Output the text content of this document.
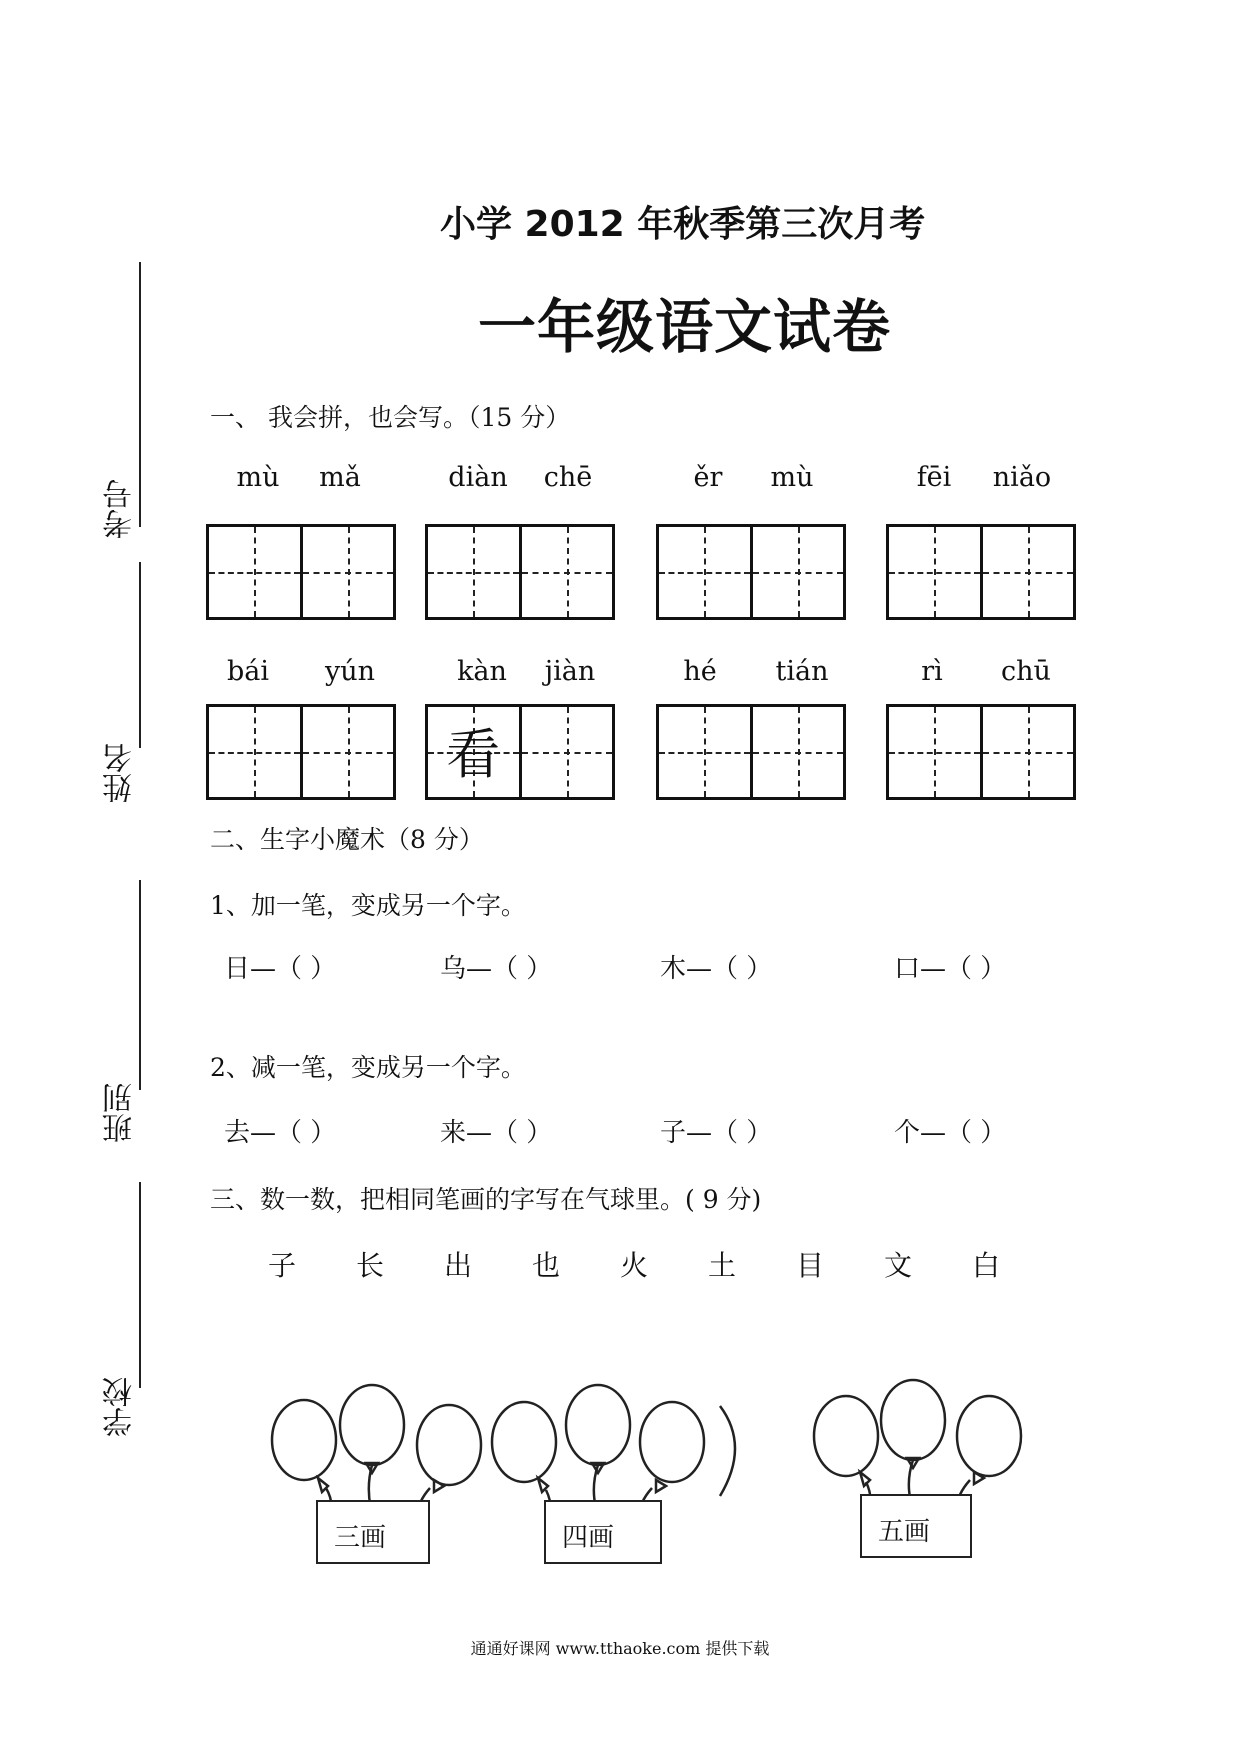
考号
姓名
班别
学校
小学 2012 年秋季第三次月考
一年级语文试卷
一、 我会拼，也会写。（15 分）
mù	mǎ	diàn	chē	ěr	mù	fēi	niǎo
bái	yún	kàn	jiàn	hé	tián	rì	chū
看
二、生字小魔术（8 分）
1、加一笔，变成另一个字。
日—（ ）	乌—（ ）	木—（ ）	口—（ ）
2、减一笔，变成另一个字。
去—（ ）	来—（ ）	子—（ ）	个—（ ）
三、数一数，把相同笔画的字写在气球里。( 9 分)
子 长 出 也 火 土 目 文 白
三画	四画	五画
通通好课网 www.tthaoke.com 提供下载
